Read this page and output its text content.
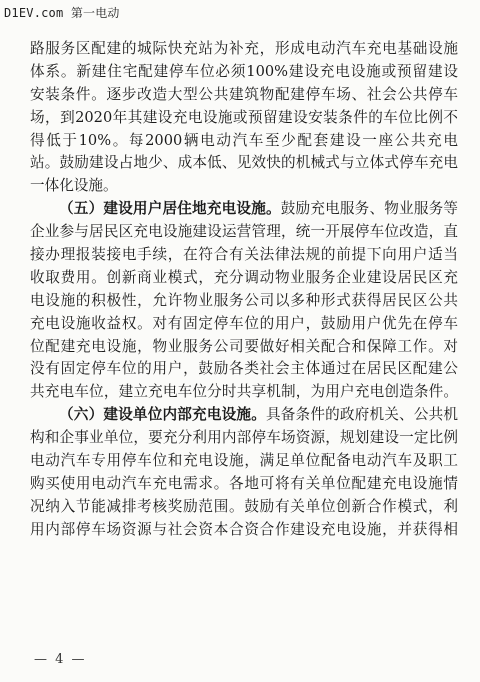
D1EV.com 第一电动
路服务区配建的城际快充站为补充，形成电动汽车充电基础设施
体系。新建住宅配建停车位必须100%建设充电设施或预留建设
安装条件。逐步改造大型公共建筑物配建停车场、社会公共停车
场，到2020年其建设充电设施或预留建设安装条件的车位比例不
得低于10%。每2000辆电动汽车至少配套建设一座公共充电
站。鼓励建设占地少、成本低、见效快的机械式与立体式停车充电
一体化设施。
（五）建设用户居住地充电设施。鼓励充电服务、物业服务等
企业参与居民区充电设施建设运营管理，统一开展停车位改造，直
接办理报装接电手续，在符合有关法律法规的前提下向用户适当
收取费用。创新商业模式，充分调动物业服务企业建设居民区充
电设施的积极性，允许物业服务公司以多种形式获得居民区公共
充电设施收益权。对有固定停车位的用户，鼓励用户优先在停车
位配建充电设施，物业服务公司要做好相关配合和保障工作。对
没有固定停车位的用户，鼓励各类社会主体通过在居民区配建公
共充电车位，建立充电车位分时共享机制，为用户充电创造条件。
（六）建设单位内部充电设施。具备条件的政府机关、公共机
构和企事业单位，要充分利用内部停车场资源，规划建设一定比例
电动汽车专用停车位和充电设施，满足单位配备电动汽车及职工
购买使用电动汽车充电需求。各地可将有关单位配建充电设施情
况纳入节能减排考核奖励范围。鼓励有关单位创新合作模式，利
用内部停车场资源与社会资本合资合作建设充电设施，并获得相
— 4 —
